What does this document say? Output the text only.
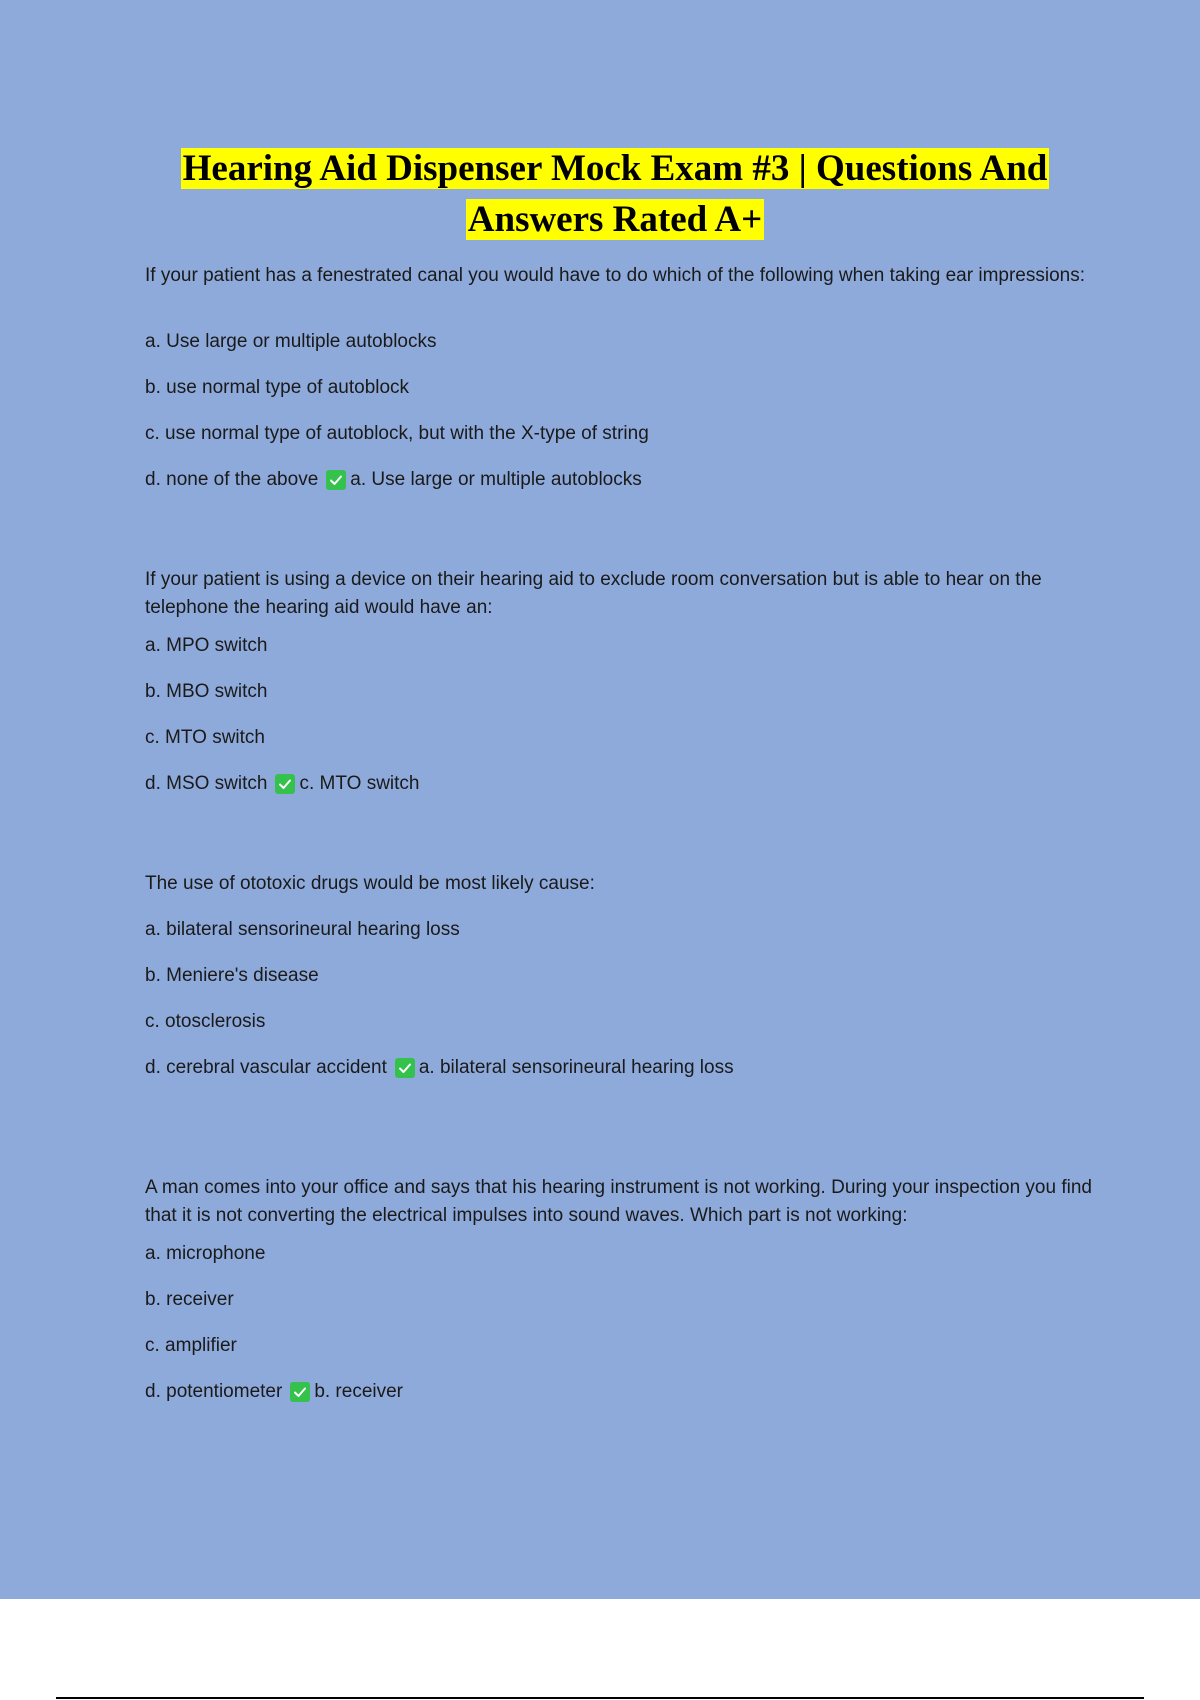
Hearing Aid Dispenser Mock Exam #3 | Questions And Answers Rated A+

If your patient has a fenestrated canal you would have to do which of the following when taking ear impressions:

a. Use large or multiple autoblocks

b. use normal type of autoblock

c. use normal type of autoblock, but with the X-type of string

d. none of the above a. Use large or multiple autoblocks

If your patient is using a device on their hearing aid to exclude room conversation but is able to hear on the telephone the hearing aid would have an:

a. MPO switch

b. MBO switch

c. MTO switch

d. MSO switch c. MTO switch

The use of ototoxic drugs would be most likely cause:

a. bilateral sensorineural hearing loss

b. Meniere's disease

c. otosclerosis

d. cerebral vascular accident a. bilateral sensorineural hearing loss

A man comes into your office and says that his hearing instrument is not working. During your inspection you find that it is not converting the electrical impulses into sound waves. Which part is not working:

a. microphone

b. receiver

c. amplifier

d. potentiometer b. receiver
